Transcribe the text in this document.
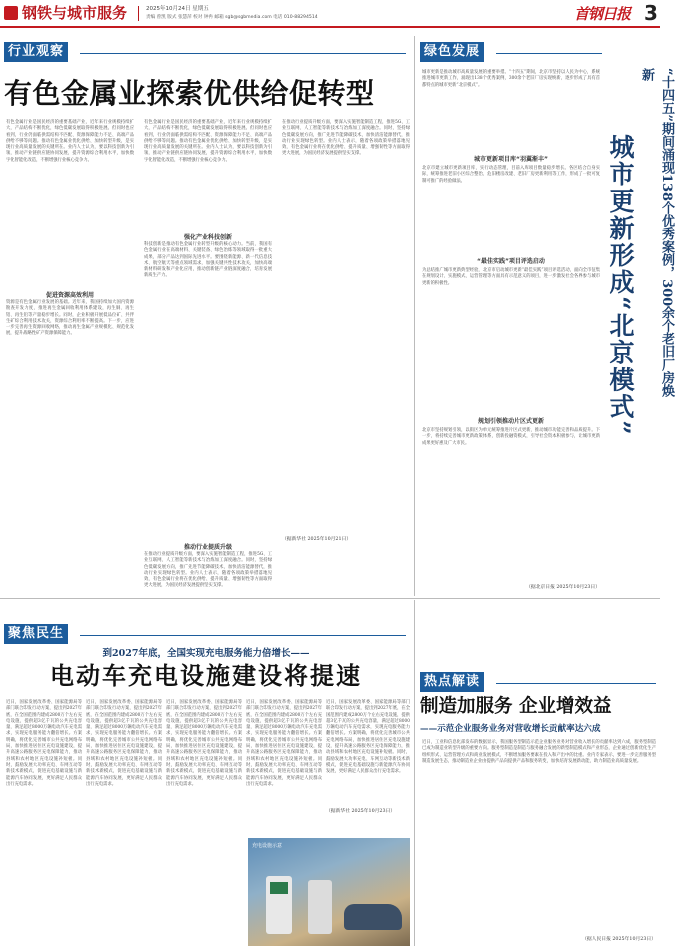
钢铁与城市服务	2025年10月24日 星期五
责编 曾凯 版式 张慧萍 校对 钟冉 邮箱 sgb@sgbmedia.com 电话 010-88294514	首钢日报 3
行业观察
有色金属业探索优供给促转型
有色金属行业是国民经济的重要基础产业，近年来行业规模持续扩大，产品结构不断优化，绿色低碳发展取得积极进展。但同时也应看到，行业仍面临供需结构不匹配、资源保障能力不足、高端产品供给不够等问题。推动有色金属业优化供给、加快转型升级，是实现行业高质量发展的关键所在。业内人士认为，要以科技创新为引领，推动产业链供应链协同发展，提升资源综合利用水平，加快数字化智能化改造，不断增强行业核心竞争力。
促进资源高效利用
资源是有色金属行业发展的基础。近年来，我国持续加大国内资源勘查开发力度，推进再生金属回收利用体系建设，再生铜、再生铝、再生铅等产量稳步增长。同时，企业积极开展低品位矿、共伴生矿综合利用技术攻关，资源综合利用率不断提高。下一步，应进一步完善再生资源回收网络，推动再生金属产业规模化、规范化发展，提升战略性矿产资源保障能力。
有色金属行业是国民经济的重要基础产业，近年来行业规模持续扩大，产品结构不断优化，绿色低碳发展取得积极进展。但同时也应看到，行业仍面临供需结构不匹配、资源保障能力不足、高端产品供给不够等问题。推动有色金属业优化供给、加快转型升级，是实现行业高质量发展的关键所在。业内人士认为，要以科技创新为引领，推动产业链供应链协同发展，提升资源综合利用水平，加快数字化智能化改造，不断增强行业核心竞争力。
强化产业科技创新
科技创新是推动有色金属行业转型升级的核心动力。当前，我国有色金属行业在高端材料、关键装备、绿色冶炼等领域取得一批重大成果，部分产品达到国际先进水平。要围绕新能源、新一代信息技术、航空航天等重点领域需求，加强关键共性技术攻关，加快高端新材料研发和产业化应用，推动创新链产业链深度融合，培育发展新质生产力。
推动行业提质升级
在推动行业提质升级方面，要深入实施智能制造工程，推进5G、工业互联网、人工智能等新技术与冶炼加工深度融合。同时，坚持绿色低碳发展方向，推广先进节能降碳技术，加快清洁能源替代，推动行业实现绿色转型。业内人士表示，随着各项政策举措落地见效，有色金属行业将在优化供给、提升质量、增强韧性等方面取得更大进展，为国民经济发展提供坚实支撑。
在推动行业提质升级方面，要深入实施智能制造工程，推进5G、工业互联网、人工智能等新技术与冶炼加工深度融合。同时，坚持绿色低碳发展方向，推广先进节能降碳技术，加快清洁能源替代，推动行业实现绿色转型。业内人士表示，随着各项政策举措落地见效，有色金属行业将在优化供给、提升质量、增强韧性等方面取得更大进展，为国民经济发展提供坚实支撑。
（据新华社 2025年10月21日）
绿色发展
“十四五”期间涌现138个优秀案例，300余个老旧厂房焕新
城市更新形成“北京模式”
城市更新是推动城市高质量发展的重要举措。“十四五”期间，北京市坚持以人民为中心，系统推进城市更新工作，涌现出138个优秀案例，300余个老旧厂房实现焕新，逐步形成了具有首都特点的城市更新“北京模式”。
城市更新项目库“羽翼渐丰”
北京市建立城市更新项目库，实行动态管理，目前入库项目数量稳步增长。各区结合自身实际，统筹推进老旧小区综合整治、危旧楼房改建、老旧厂房更新利用等工作，形成了一批可复制可推广的经验做法。
“最佳实践”项目评选启动
为总结推广城市更新典型经验，北京市启动城市更新“最佳实践”项目评选活动，面向全市征集在规划设计、实施模式、运营管理等方面具有示范意义的项目，进一步激发社会各界参与城市更新的积极性。
规划引领推动片区式更新
北京市坚持规划引领，以街区为单元统筹推进片区式更新，推动城市功能完善和品质提升。下一步，将持续完善城市更新政策体系，创新投融资模式，引导社会资本积极参与，让城市更新成果更好惠及广大市民。
（据北京日报 2025年10月23日）
聚焦民生
到2027年底，全国实现充电服务能力倍增长——
电动车充电设施建设将提速
近日，国家发展改革委、国家能源局等部门联合印发行动方案，提出到2027年底，在全国范围内建成2800万个左右充电设施，提供超3亿千瓦的公共充电容量，满足超过8000万辆电动汽车充电需求，实现充电服务能力翻倍增长。方案明确，将优化完善城市公共充电网络布局，加快推进居住区充电设施建设，提升高速公路服务区充电保障能力，推动县域和农村地区充电设施补短板。同时，鼓励发展大功率充电、车网互动等新技术新模式，促进充电基础设施与新能源汽车协同发展，更好满足人民群众出行充电需求。
近日，国家发展改革委、国家能源局等部门联合印发行动方案，提出到2027年底，在全国范围内建成2800万个左右充电设施，提供超3亿千瓦的公共充电容量，满足超过8000万辆电动汽车充电需求，实现充电服务能力翻倍增长。方案明确，将优化完善城市公共充电网络布局，加快推进居住区充电设施建设，提升高速公路服务区充电保障能力，推动县域和农村地区充电设施补短板。同时，鼓励发展大功率充电、车网互动等新技术新模式，促进充电基础设施与新能源汽车协同发展，更好满足人民群众出行充电需求。
近日，国家发展改革委、国家能源局等部门联合印发行动方案，提出到2027年底，在全国范围内建成2800万个左右充电设施，提供超3亿千瓦的公共充电容量，满足超过8000万辆电动汽车充电需求，实现充电服务能力翻倍增长。方案明确，将优化完善城市公共充电网络布局，加快推进居住区充电设施建设，提升高速公路服务区充电保障能力，推动县域和农村地区充电设施补短板。同时，鼓励发展大功率充电、车网互动等新技术新模式，促进充电基础设施与新能源汽车协同发展，更好满足人民群众出行充电需求。
近日，国家发展改革委、国家能源局等部门联合印发行动方案，提出到2027年底，在全国范围内建成2800万个左右充电设施，提供超3亿千瓦的公共充电容量，满足超过8000万辆电动汽车充电需求，实现充电服务能力翻倍增长。方案明确，将优化完善城市公共充电网络布局，加快推进居住区充电设施建设，提升高速公路服务区充电保障能力，推动县域和农村地区充电设施补短板。同时，鼓励发展大功率充电、车网互动等新技术新模式，促进充电基础设施与新能源汽车协同发展，更好满足人民群众出行充电需求。
近日，国家发展改革委、国家能源局等部门联合印发行动方案，提出到2027年底，在全国范围内建成2800万个左右充电设施，提供超3亿千瓦的公共充电容量，满足超过8000万辆电动汽车充电需求，实现充电服务能力翻倍增长。方案明确，将优化完善城市公共充电网络布局，加快推进居住区充电设施建设，提升高速公路服务区充电保障能力，推动县域和农村地区充电设施补短板。同时，鼓励发展大功率充电、车网互动等新技术新模式，促进充电基础设施与新能源汽车协同发展，更好满足人民群众出行充电需求。
（据新华社 2025年10月23日）
充电设施示意
热点解读
制造加服务 企业增效益
——示范企业服务业务对营收增长贡献率达六成
近日，工业和信息化部发布的数据显示，我国服务型制造示范企业服务业务对营业收入增长的贡献率达到六成，服务型制造已成为制造业转型升级的重要方向。服务型制造是制造与服务融合发展的新型制造模式和产业形态，企业通过创新优化生产组织形式、运营管理方式和商业发展模式，不断增加服务要素在投入和产出中的比重。业内专家表示，要进一步完善服务型制造发展生态，推动制造业企业由提供产品向提供产品和服务转变，加快培育发展新动能，助力制造业高质量发展。
（据人民日报 2025年10月23日）
